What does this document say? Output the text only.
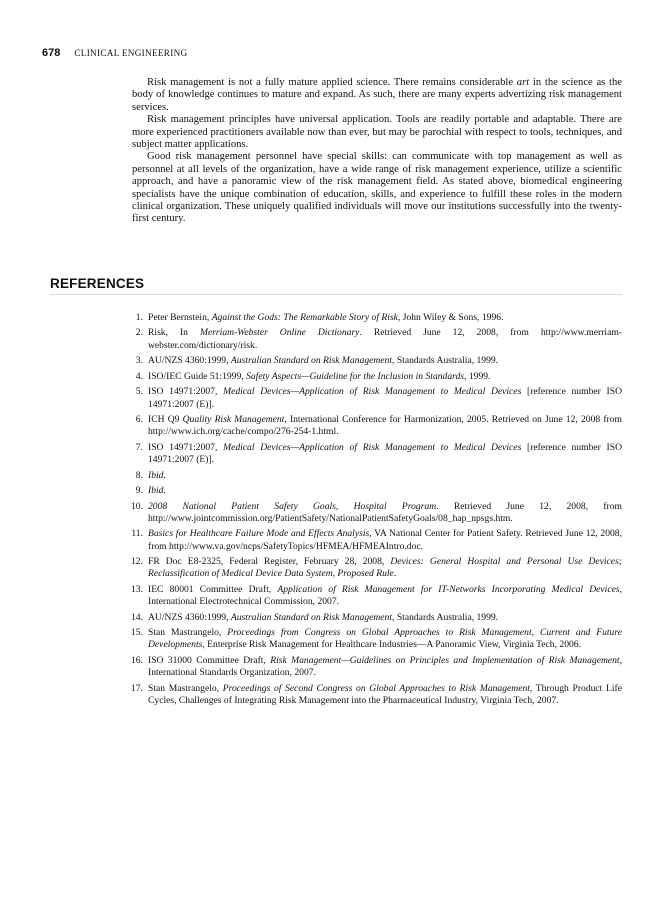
678 CLINICAL ENGINEERING

Risk management is not a fully mature applied science. There remains considerable art in the science as the body of knowledge continues to mature and expand. As such, there are many experts advertizing risk management services.

Risk management principles have universal application. Tools are readily portable and adaptable. There are more experienced practitioners available now than ever, but may be parochial with respect to tools, techniques, and subject matter applications.

Good risk management personnel have special skills: can communicate with top management as well as personnel at all levels of the organization, have a wide range of risk management experience, utilize a scientific approach, and have a panoramic view of the risk management field. As stated above, biomedical engineering specialists have the unique combination of education, skills, and experience to fulfill these roles in the modern clinical organization. These uniquely qualified individuals will move our institutions successfully into the twenty-first century.

REFERENCES
1. Peter Bernstein, Against the Gods: The Remarkable Story of Risk, John Wiley & Sons, 1996.
2. Risk, In Merriam-Webster Online Dictionary. Retrieved June 12, 2008, from http://www.merriam-webster.com/dictionary/risk.
3. AU/NZS 4360:1999, Australian Standard on Risk Management, Standards Australia, 1999.
4. ISO/IEC Guide 51:1999, Safety Aspects—Guideline for the Inclusion in Standards, 1999.
5. ISO 14971:2007, Medical Devices—Application of Risk Management to Medical Devices [reference number ISO 14971:2007 (E)].
6. ICH Q9 Quality Risk Management, International Conference for Harmonization, 2005. Retrieved on June 12, 2008 from http://www.ich.org/cache/compo/276-254-1.html.
7. ISO 14971:2007, Medical Devices—Application of Risk Management to Medical Devices [reference number ISO 14971:2007 (E)].
8. Ibid.
9. Ibid.
10. 2008 National Patient Safety Goals, Hospital Program. Retrieved June 12, 2008, from http://www.jointcommission.org/PatientSafety/NationalPatientSafetyGoals/08_hap_npsgs.htm.
11. Basics for Healthcare Failure Mode and Effects Analysis, VA National Center for Patient Safety. Retrieved June 12, 2008, from http://www.va.gov/ncps/SafetyTopics/HFMEA/HFMEAIntro.doc.
12. FR Doc E8-2325, Federal Register, February 28, 2008, Devices: General Hospital and Personal Use Devices; Reclassification of Medical Device Data System, Proposed Rule.
13. IEC 80001 Committee Draft, Application of Risk Management for IT-Networks Incorporating Medical Devices, International Electrotechnical Commission, 2007.
14. AU/NZS 4360:1999, Australian Standard on Risk Management, Standards Australia, 1999.
15. Stan Mastrangelo, Proceedings from Congress on Global Approaches to Risk Management, Current and Future Developments, Enterprise Risk Management for Healthcare Industries—A Panoramic View, Virginia Tech, 2006.
16. ISO 31000 Committee Draft, Risk Management—Guidelines on Principles and Implementation of Risk Management, International Standards Organization, 2007.
17. Stan Mastrangelo, Proceedings of Second Congress on Global Approaches to Risk Management, Through Product Life Cycles, Challenges of Integrating Risk Management into the Pharmaceutical Industry, Virginia Tech, 2007.
